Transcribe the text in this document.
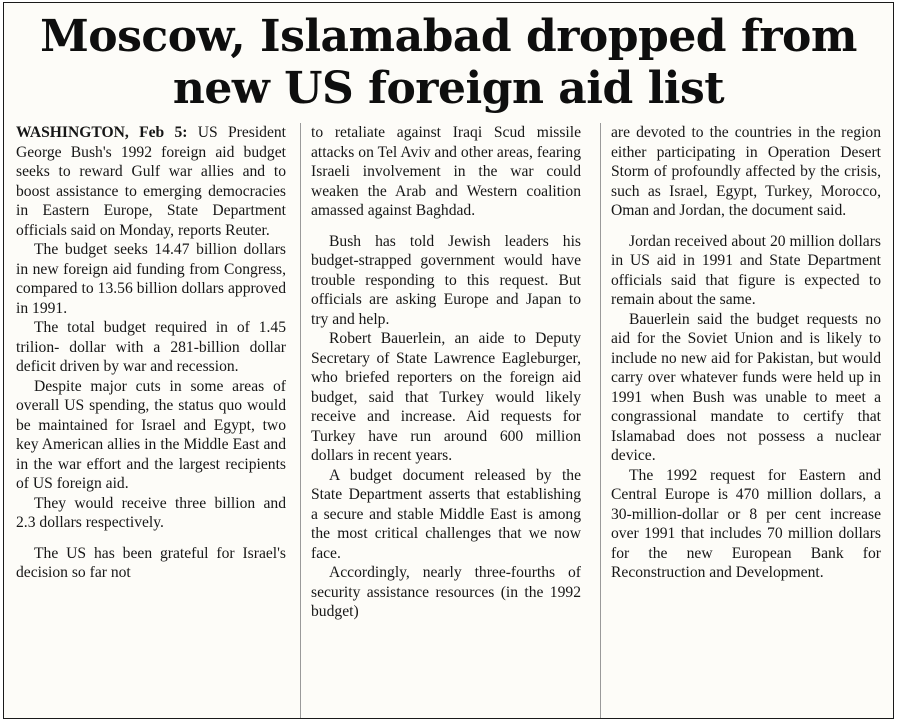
Moscow, Islamabad dropped from
new US foreign aid list

WASHINGTON, Feb 5: US President George Bush's 1992 foreign aid budget seeks to reward Gulf war allies and to boost assistance to emerging democracies in Eastern Europe, State Department officials said on Monday, reports Reuter.

The budget seeks 14.47 billion dollars in new foreign aid funding from Congress, compared to 13.56 billion dollars approved in 1991.

The total budget required in of 1.45 trilion- dollar with a 281-billion dollar deficit driven by war and recession.

Despite major cuts in some areas of overall US spending, the status quo would be maintained for Israel and Egypt, two key American allies in the Middle East and in the war effort and the largest recipients of US foreign aid.

They would receive three billion and 2.3 dollars respectively.

The US has been grateful for Israel's decision so far not

to retaliate against Iraqi Scud missile attacks on Tel Aviv and other areas, fearing Israeli involvement in the war could weaken the Arab and Western coalition amassed against Baghdad.

Bush has told Jewish leaders his budget-strapped government would have trouble responding to this request. But officials are asking Europe and Japan to try and help.

Robert Bauerlein, an aide to Deputy Secretary of State Lawrence Eagleburger, who briefed reporters on the foreign aid budget, said that Turkey would likely receive and increase. Aid requests for Turkey have run around 600 million dollars in recent years.

A budget document released by the State Department asserts that establishing a secure and stable Middle East is among the most critical challenges that we now face.

Accordingly, nearly three-fourths of security assistance resources (in the 1992 budget)

are devoted to the countries in the region either participating in Operation Desert Storm of profoundly affected by the crisis, such as Israel, Egypt, Turkey, Morocco, Oman and Jordan, the document said.

Jordan received about 20 million dollars in US aid in 1991 and State Department officials said that figure is expected to remain about the same.

Bauerlein said the budget requests no aid for the Soviet Union and is likely to include no new aid for Pakistan, but would carry over whatever funds were held up in 1991 when Bush was unable to meet a congrassional mandate to certify that Islamabad does not possess a nuclear device.

The 1992 request for Eastern and Central Europe is 470 million dollars, a 30-million-dollar or 8 per cent increase over 1991 that includes 70 million dollars for the new European Bank for Reconstruction and Development.
